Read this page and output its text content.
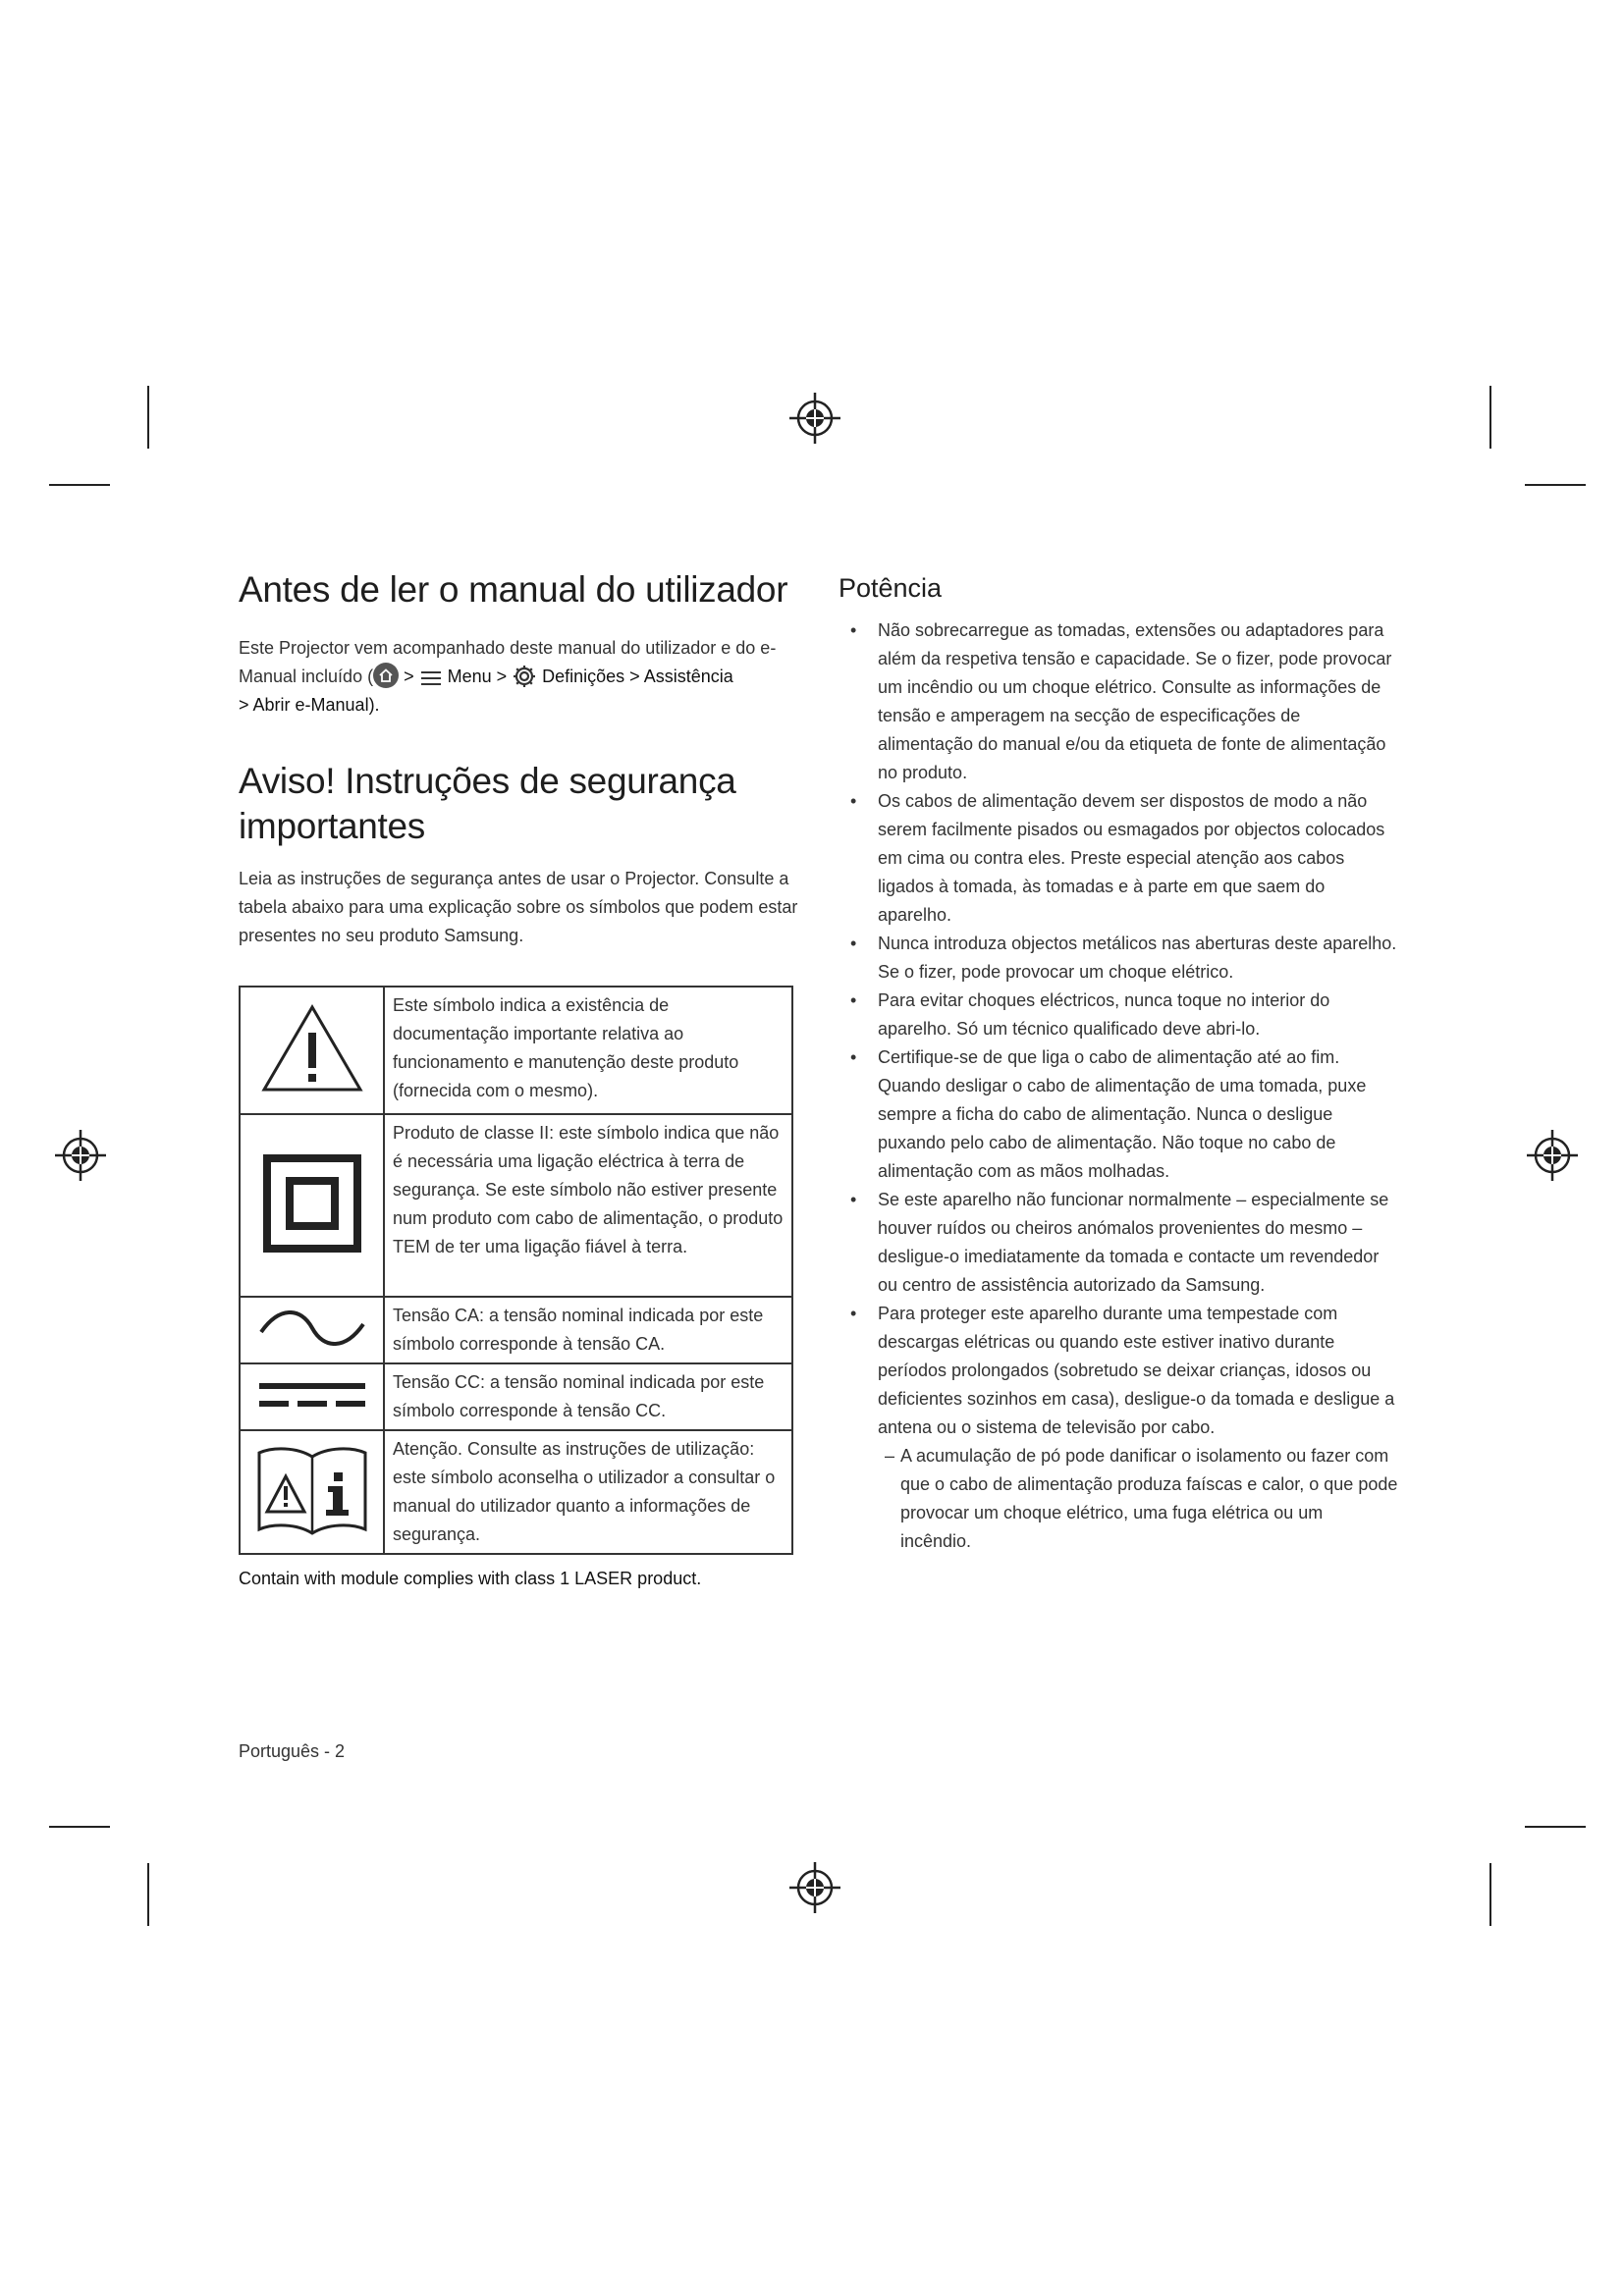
Antes de ler o manual do utilizador

Este Projector vem acompanhado deste manual do utilizador e do e-Manual incluído (
>  Menu >  Definições > Assistência
> Abrir e-Manual).

Aviso! Instruções de segurança importantes

Leia as instruções de segurança antes de usar o Projector. Consulte a tabela abaixo para uma explicação sobre os símbolos que podem estar presentes no seu produto Samsung.

	Este símbolo indica a existência de documentação importante relativa ao funcionamento e manutenção deste produto (fornecida com o mesmo).
	Produto de classe II: este símbolo indica que não é necessária uma ligação eléctrica à terra de segurança. Se este símbolo não estiver presente num produto com cabo de alimentação, o produto TEM de ter uma ligação fiável à terra.
	Tensão CA: a tensão nominal indicada por este símbolo corresponde à tensão CA.
	Tensão CC: a tensão nominal indicada por este símbolo corresponde à tensão CC.
	Atenção. Consulte as instruções de utilização: este símbolo aconselha o utilizador a consultar o manual do utilizador quanto a informações de segurança.
Contain with module complies with class 1 LASER product.
Potência
• Não sobrecarregue as tomadas, extensões ou adaptadores para além da respetiva tensão e capacidade. Se o fizer, pode provocar um incêndio ou um choque elétrico. Consulte as informações de tensão e amperagem na secção de especificações de alimentação do manual e/ou da etiqueta de fonte de alimentação no produto.
• Os cabos de alimentação devem ser dispostos de modo a não serem facilmente pisados ou esmagados por objectos colocados em cima ou contra eles. Preste especial atenção aos cabos ligados à tomada, às tomadas e à parte em que saem do aparelho.
• Nunca introduza objectos metálicos nas aberturas deste aparelho. Se o fizer, pode provocar um choque elétrico.
• Para evitar choques eléctricos, nunca toque no interior do aparelho. Só um técnico qualificado deve abri-lo.
• Certifique-se de que liga o cabo de alimentação até ao fim. Quando desligar o cabo de alimentação de uma tomada, puxe sempre a ficha do cabo de alimentação. Nunca o desligue puxando pelo cabo de alimentação. Não toque no cabo de alimentação com as mãos molhadas.
• Se este aparelho não funcionar normalmente – especialmente se houver ruídos ou cheiros anómalos provenientes do mesmo – desligue-o imediatamente da tomada e contacte um revendedor ou centro de assistência autorizado da Samsung.
• Para proteger este aparelho durante uma tempestade com descargas elétricas ou quando este estiver inativo durante períodos prolongados (sobretudo se deixar crianças, idosos ou deficientes sozinhos em casa), desligue-o da tomada e desligue a antena ou o sistema de televisão por cabo.
– A acumulação de pó pode danificar o isolamento ou fazer com que o cabo de alimentação produza faíscas e calor, o que pode provocar um choque elétrico, uma fuga elétrica ou um incêndio.
Português - 2
